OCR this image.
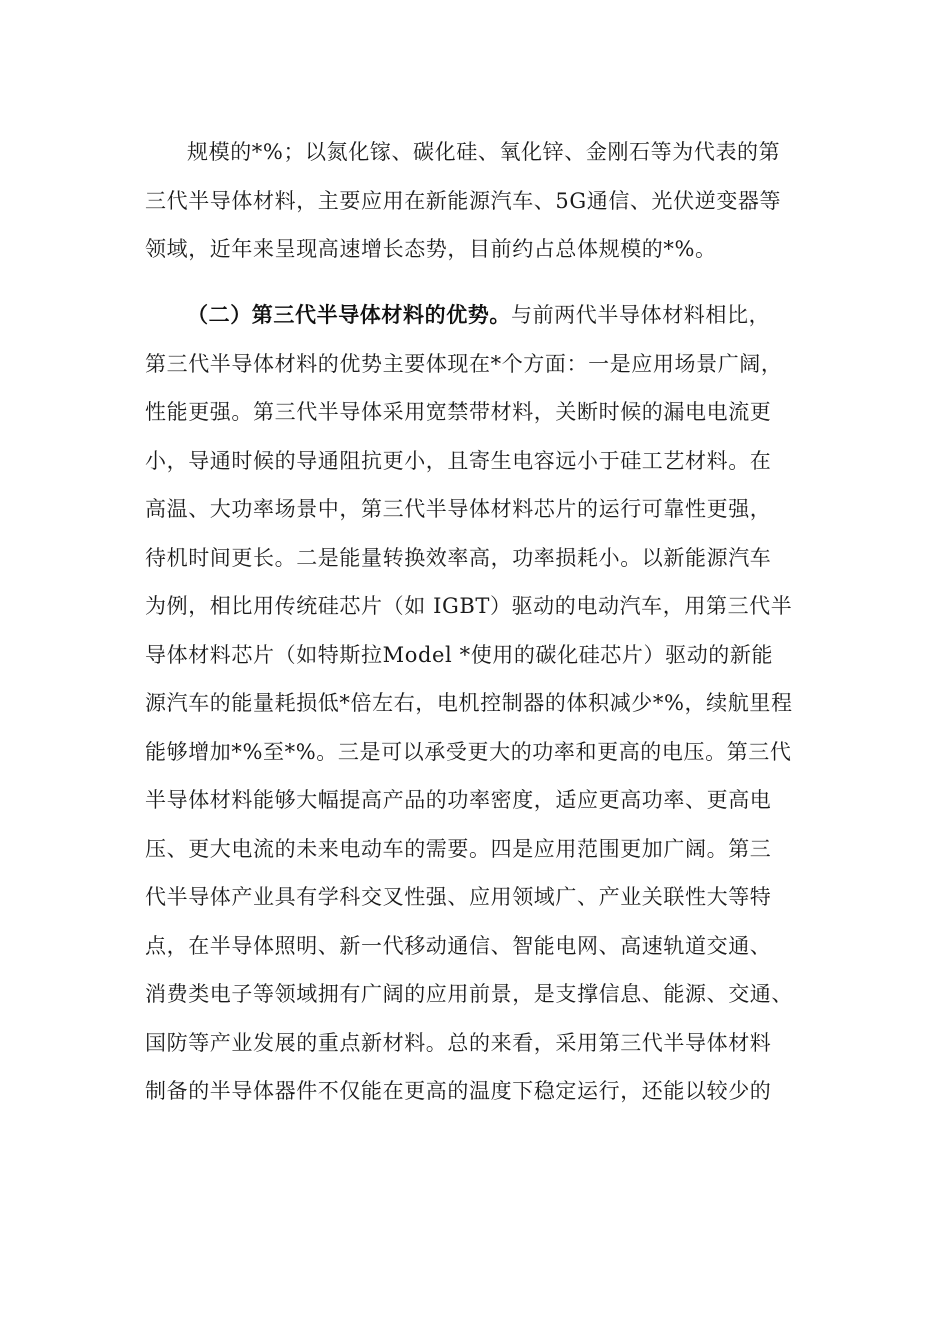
规模的*%；以氮化镓、碳化硅、氧化锌、金刚石等为代表的第
三代半导体材料，主要应用在新能源汽车、5G通信、光伏逆变器等
领域，近年来呈现高速增长态势，目前约占总体规模的*%。
（二）第三代半导体材料的优势。与前两代半导体材料相比，
第三代半导体材料的优势主要体现在*个方面：一是应用场景广阔，
性能更强。第三代半导体采用宽禁带材料，关断时候的漏电电流更
小，导通时候的导通阻抗更小，且寄生电容远小于硅工艺材料。在
高温、大功率场景中，第三代半导体材料芯片的运行可靠性更强，
待机时间更长。二是能量转换效率高，功率损耗小。以新能源汽车
为例，相比用传统硅芯片（如 IGBT）驱动的电动汽车，用第三代半
导体材料芯片（如特斯拉Model *使用的碳化硅芯片）驱动的新能
源汽车的能量耗损低*倍左右，电机控制器的体积减少*%，续航里程
能够增加*%至*%。三是可以承受更大的功率和更高的电压。第三代
半导体材料能够大幅提高产品的功率密度，适应更高功率、更高电
压、更大电流的未来电动车的需要。四是应用范围更加广阔。第三
代半导体产业具有学科交叉性强、应用领域广、产业关联性大等特
点，在半导体照明、新一代移动通信、智能电网、高速轨道交通、
消费类电子等领域拥有广阔的应用前景，是支撑信息、能源、交通、
国防等产业发展的重点新材料。总的来看，采用第三代半导体材料
制备的半导体器件不仅能在更高的温度下稳定运行，还能以较少的
